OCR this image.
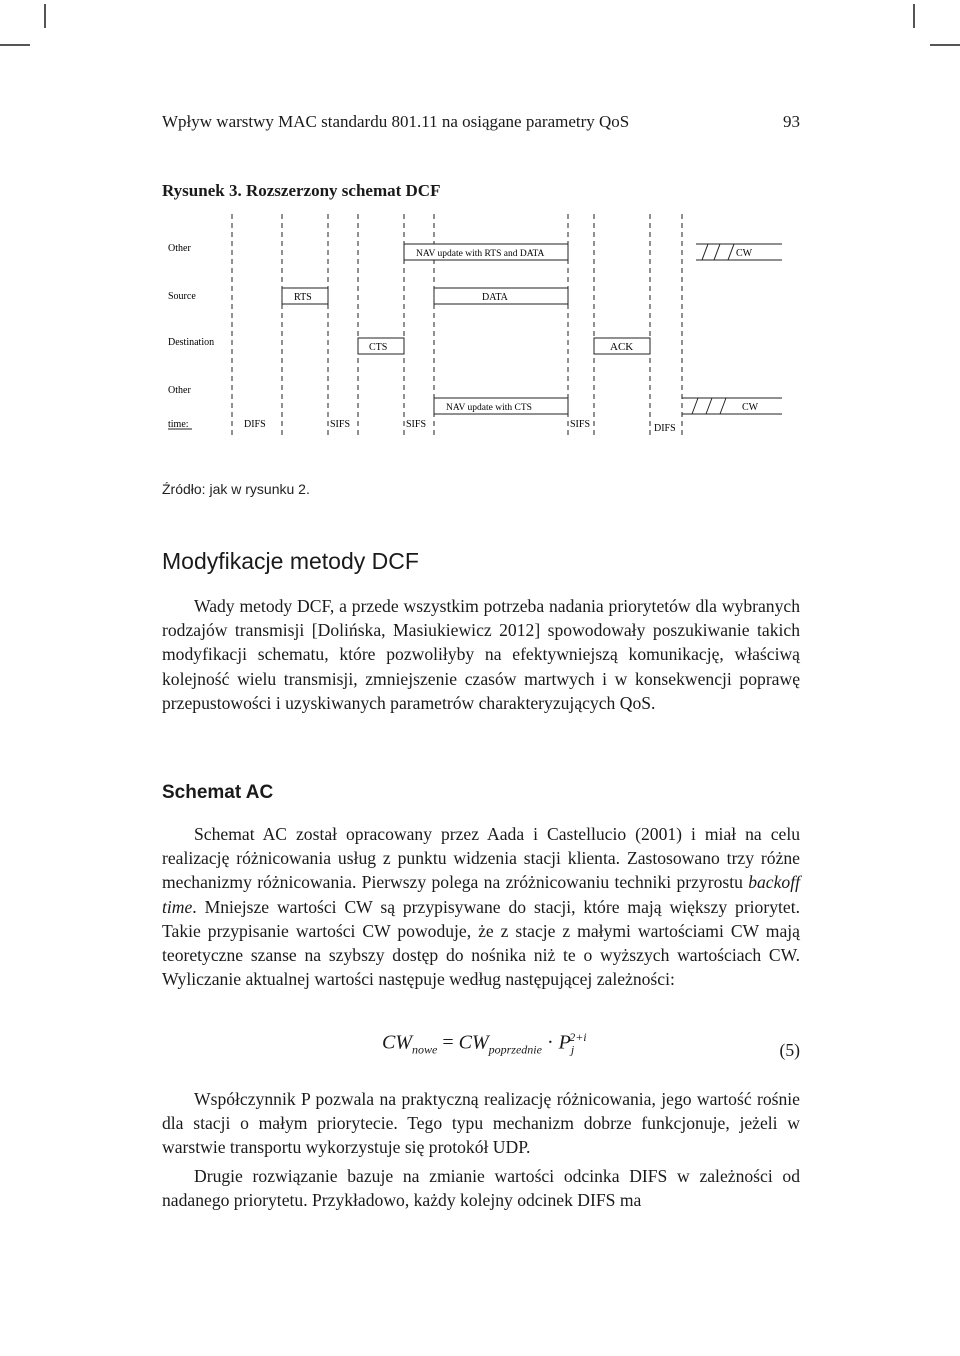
Wpływ warstwy MAC standardu 801.11 na osiągane parametry QoS	93
Rysunek 3. Rozszerzony schemat DCF
Other
Source
Destination
Other
time:
NAV update with RTS and DATA	CW
RTS	DATA
CTS	ACK
NAV update with CTS	CW
DIFS	SIFS	SIFS	SIFS	DIFS
Źródło: jak w rysunku 2.
Modyfikacje metody DCF

Wady metody DCF, a przede wszystkim potrzeba nadania priorytetów dla wybranych rodzajów transmisji [Dolińska, Masiukiewicz 2012] spowodowały poszukiwanie takich modyfikacji schematu, które pozwoliłyby na efektywniejszą komunikację, właściwą kolejność wielu transmisji, zmniejszenie czasów martwych i w konsekwencji poprawę przepustowości i uzyskiwanych parametrów charakteryzujących QoS.

Schemat AC

Schemat AC został opracowany przez Aada i Castellucio (2001) i miał na celu realizację różnicowania usług z punktu widzenia stacji klienta. Zastosowano trzy różne mechanizmy różnicowania. Pierwszy polega na zróżnicowaniu techniki przyrostu backoff time. Mniejsze wartości CW są przypisywane do stacji, które mają większy priorytet. Takie przypisanie wartości CW powoduje, że z stacje z małymi wartościami CW mają teoretyczne szanse na szybszy dostęp do nośnika niż te o wyższych wartościach CW. Wyliczanie aktualnej wartości następuje według następującej zależności:

$CW_{nowe} = CW_{poprzednie} \cdot P_j^{2+i}$
(5)

Współczynnik P pozwala na praktyczną realizację różnicowania, jego wartość rośnie dla stacji o małym priorytecie. Tego typu mechanizm dobrze funkcjonuje, jeżeli w warstwie transportu wykorzystuje się protokół UDP.

Drugie rozwiązanie bazuje na zmianie wartości odcinka DIFS w zależności od nadanego priorytetu. Przykładowo, każdy kolejny odcinek DIFS ma
